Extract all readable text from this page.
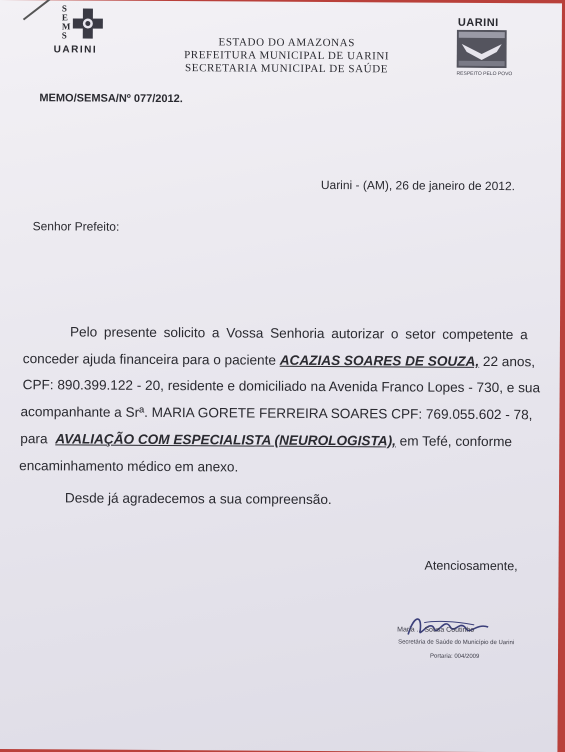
S
E
M
S
UARINI
ESTADO DO AMAZONAS
PREFEITURA MUNICIPAL DE UARINI
SECRETARIA MUNICIPAL DE SAÚDE
UARINI
RESPEITO PELO POVO
MEMO/SEMSA/Nº 077/2012.
Uarini - (AM), 26 de janeiro de 2012.
Senhor Prefeito:
Pelo presente solicito a Vossa Senhoria autorizar o setor competente a
conceder ajuda financeira para o paciente ACAZIAS SOARES DE SOUZA, 22 anos,
CPF: 890.399.122 - 20, residente e domiciliado na Avenida Franco Lopes - 730, e sua
acompanhante a Srª. MARIA GORETE FERREIRA SOARES CPF: 769.055.602 - 78,
para AVALIAÇÃO COM ESPECIALISTA (NEUROLOGISTA), em Tefé, conforme
encaminhamento médico em anexo.
Desde já agradecemos a sua compreensão.
Atenciosamente,
Maria ... Sousa Coutinho
Secretária de Saúde do Município de Uarini
Portaria: 004/2009
